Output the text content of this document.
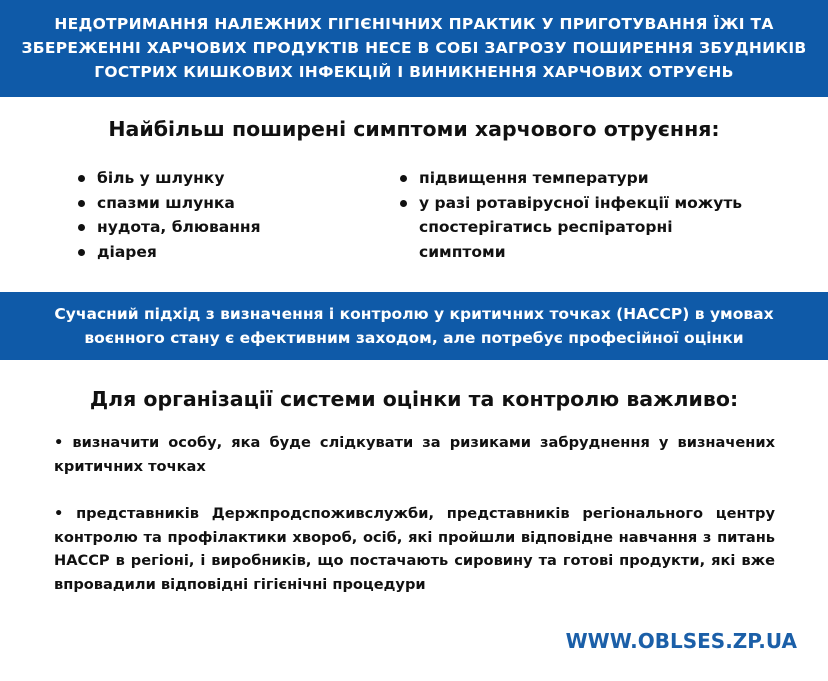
НЕДОТРИМАННЯ НАЛЕЖНИХ ГІГІЄНІЧНИХ ПРАКТИК У ПРИГОТУВАННЯ ЇЖІ ТА
ЗБЕРЕЖЕННІ ХАРЧОВИХ ПРОДУКТІВ НЕСЕ В СОБІ ЗАГРОЗУ ПОШИРЕННЯ ЗБУДНИКІВ
ГОСТРИХ КИШКОВИХ ІНФЕКЦІЙ І ВИНИКНЕННЯ ХАРЧОВИХ ОТРУЄНЬ
Найбільш поширені симптоми харчового отруєння:
біль у шлунку
спазми шлунка
нудота, блювання
діарея
підвищення температури
у разі ротавірусної інфекції можуть спостерігатись респіраторні симптоми
Сучасний підхід з визначення і контролю у критичних точках (НАССР) в умовах
воєнного стану є ефективним заходом, але потребує професійної оцінки
Для організації системи оцінки та контролю важливо:
• визначити особу, яка буде слідкувати за ризиками забруднення у визначених критичних точках
• представників Держпродспоживслужби, представників регіонального центру контролю та профілактики хвороб, осіб, які пройшли відповідне навчання з питань НАССР в регіоні, і виробників, що постачають сировину та готові продукти, які вже впровадили відповідні гігієнічні процедури
WWW.OBLSES.ZP.UA
